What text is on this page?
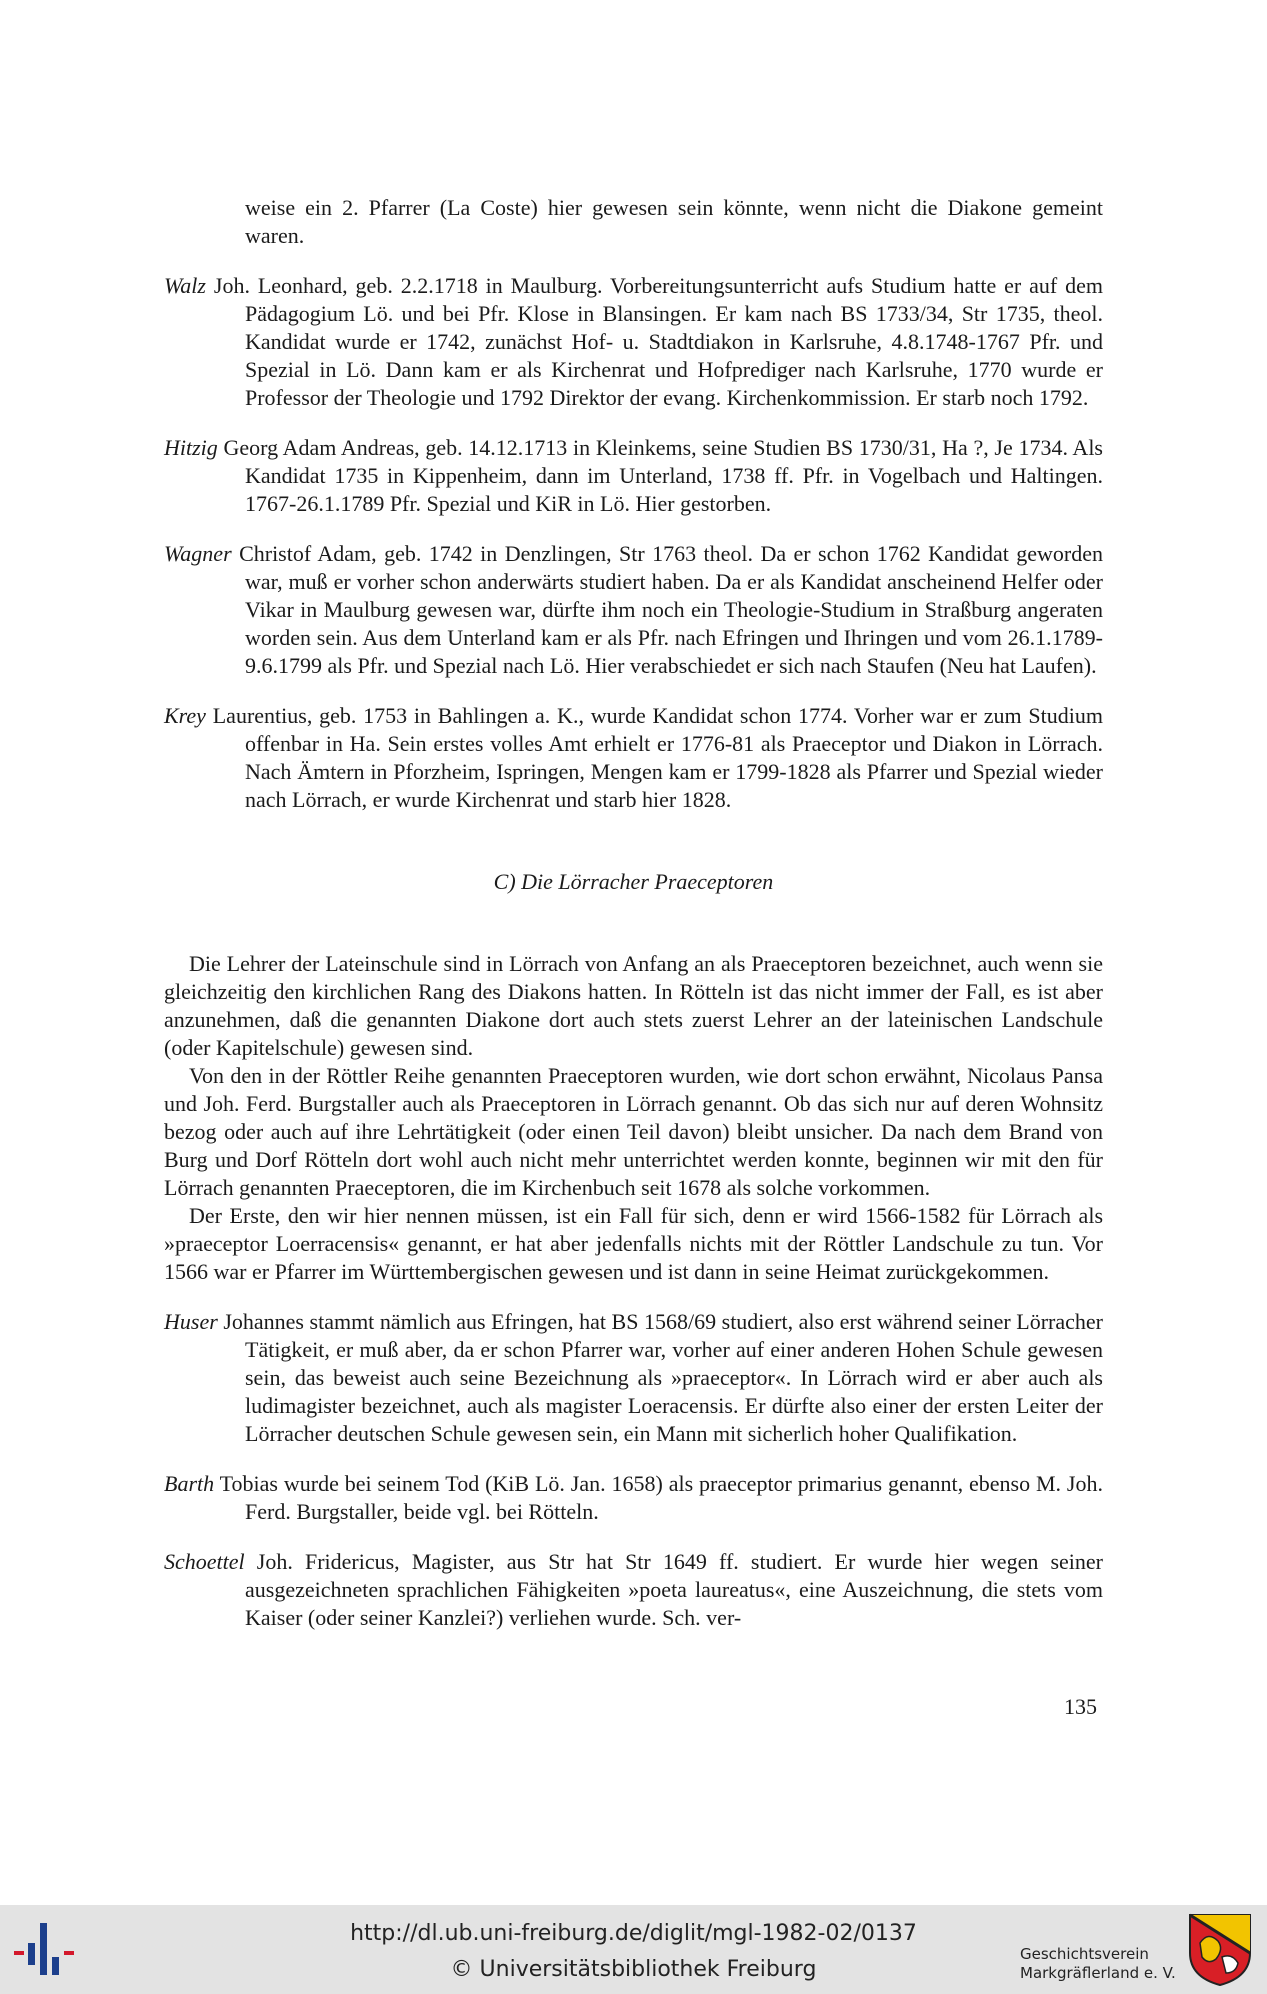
weise ein 2. Pfarrer (La Coste) hier gewesen sein könnte, wenn nicht die Diakone gemeint waren.

Walz Joh. Leonhard, geb. 2.2.1718 in Maulburg. Vorbereitungsunterricht aufs Studium hatte er auf dem Pädagogium Lö. und bei Pfr. Klose in Blansingen. Er kam nach BS 1733/34, Str 1735, theol. Kandidat wurde er 1742, zunächst Hof- u. Stadtdiakon in Karlsruhe, 4.8.1748-1767 Pfr. und Spezial in Lö. Dann kam er als Kirchenrat und Hofprediger nach Karlsruhe, 1770 wurde er Professor der Theologie und 1792 Direktor der evang. Kirchenkommission. Er starb noch 1792.

Hitzig Georg Adam Andreas, geb. 14.12.1713 in Kleinkems, seine Studien BS 1730/31, Ha ?, Je 1734. Als Kandidat 1735 in Kippenheim, dann im Unterland, 1738 ff. Pfr. in Vogelbach und Haltingen. 1767-26.1.1789 Pfr. Spezial und KiR in Lö. Hier gestorben.

Wagner Christof Adam, geb. 1742 in Denzlingen, Str 1763 theol. Da er schon 1762 Kandidat geworden war, muß er vorher schon anderwärts studiert haben. Da er als Kandidat anscheinend Helfer oder Vikar in Maulburg gewesen war, dürfte ihm noch ein Theologie-Studium in Straßburg angeraten worden sein. Aus dem Unterland kam er als Pfr. nach Efringen und Ihringen und vom 26.1.1789-9.6.1799 als Pfr. und Spezial nach Lö. Hier verabschiedet er sich nach Staufen (Neu hat Laufen).

Krey Laurentius, geb. 1753 in Bahlingen a. K., wurde Kandidat schon 1774. Vorher war er zum Studium offenbar in Ha. Sein erstes volles Amt erhielt er 1776-81 als Praeceptor und Diakon in Lörrach. Nach Ämtern in Pforzheim, Ispringen, Mengen kam er 1799-1828 als Pfarrer und Spezial wieder nach Lörrach, er wurde Kirchenrat und starb hier 1828.

C) Die Lörracher Praeceptoren

Die Lehrer der Lateinschule sind in Lörrach von Anfang an als Praeceptoren bezeichnet, auch wenn sie gleichzeitig den kirchlichen Rang des Diakons hatten. In Rötteln ist das nicht immer der Fall, es ist aber anzunehmen, daß die genannten Diakone dort auch stets zuerst Lehrer an der lateinischen Landschule (oder Kapitelschule) gewesen sind.

Von den in der Röttler Reihe genannten Praeceptoren wurden, wie dort schon erwähnt, Nicolaus Pansa und Joh. Ferd. Burgstaller auch als Praeceptoren in Lörrach genannt. Ob das sich nur auf deren Wohnsitz bezog oder auch auf ihre Lehrtätigkeit (oder einen Teil davon) bleibt unsicher. Da nach dem Brand von Burg und Dorf Rötteln dort wohl auch nicht mehr unterrichtet werden konnte, beginnen wir mit den für Lörrach genannten Praeceptoren, die im Kirchenbuch seit 1678 als solche vorkommen.

Der Erste, den wir hier nennen müssen, ist ein Fall für sich, denn er wird 1566-1582 für Lörrach als »praeceptor Loerracensis« genannt, er hat aber jedenfalls nichts mit der Röttler Landschule zu tun. Vor 1566 war er Pfarrer im Württembergischen gewesen und ist dann in seine Heimat zurückgekommen.

Huser Johannes stammt nämlich aus Efringen, hat BS 1568/69 studiert, also erst während seiner Lörracher Tätigkeit, er muß aber, da er schon Pfarrer war, vorher auf einer anderen Hohen Schule gewesen sein, das beweist auch seine Bezeichnung als »praeceptor«. In Lörrach wird er aber auch als ludimagister bezeichnet, auch als magister Loeracensis. Er dürfte also einer der ersten Leiter der Lörracher deutschen Schule gewesen sein, ein Mann mit sicherlich hoher Qualifikation.

Barth Tobias wurde bei seinem Tod (KiB Lö. Jan. 1658) als praeceptor primarius genannt, ebenso M. Joh. Ferd. Burgstaller, beide vgl. bei Rötteln.

Schoettel Joh. Fridericus, Magister, aus Str hat Str 1649 ff. studiert. Er wurde hier wegen seiner ausgezeichneten sprachlichen Fähigkeiten »poeta laureatus«, eine Auszeichnung, die stets vom Kaiser (oder seiner Kanzlei?) verliehen wurde. Sch. ver-

135
http://dl.ub.uni-freiburg.de/diglit/mgl-1982-02/0137
© Universitätsbibliothek Freiburg
Geschichtsverein
Markgräflerland e. V.
